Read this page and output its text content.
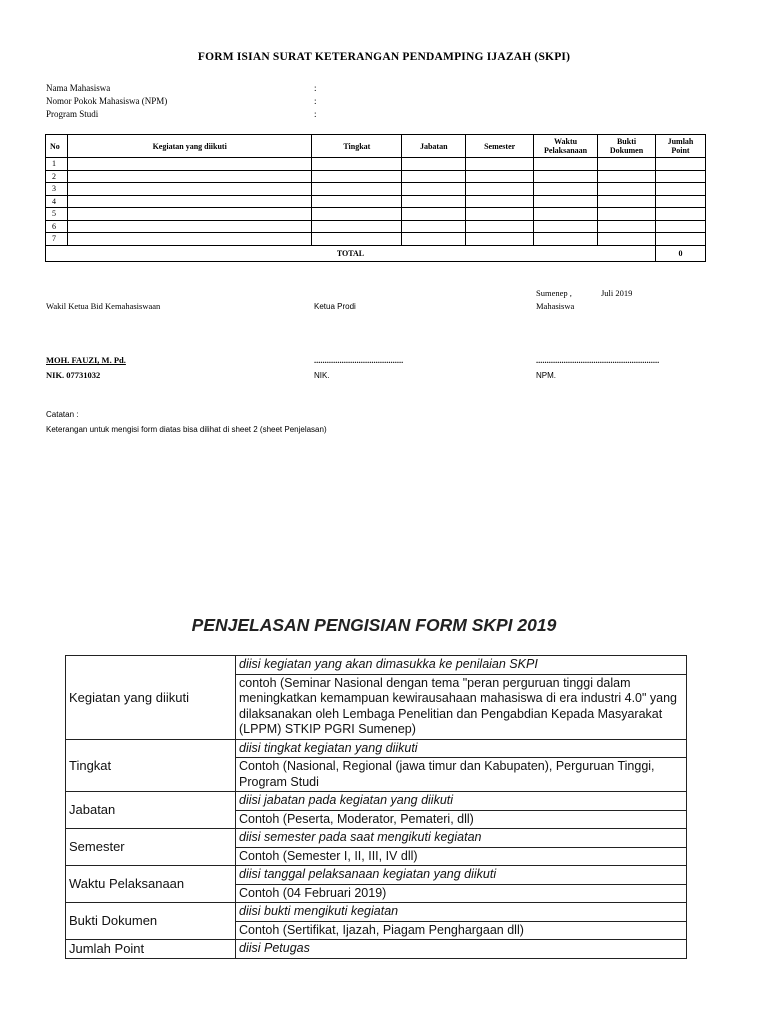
FORM ISIAN SURAT KETERANGAN PENDAMPING IJAZAH (SKPI)
Nama Mahasiswa	:
Nomor Pokok Mahasiswa (NPM)	:
Program Studi	:
No	Kegiatan yang diikuti	Tingkat	Jabatan	Semester	Waktu Pelaksanaan	Bukti Dokumen	Jumlah Point
1							
2							
3							
4							
5							
6							
7							
TOTAL							0
Sumenep ,	Juli 2019
Wakil Ketua Bid Kemahasiswaan	Ketua Prodi	Mahasiswa
MOH. FAUZI, M. Pd.	..........................................	..........................................................
NIK. 07731032	NIK.	NPM.
Catatan :
Keterangan untuk mengisi form diatas bisa dilihat di sheet 2 (sheet Penjelasan)
PENJELASAN PENGISIAN FORM SKPI 2019
Kegiatan yang diikuti	diisi kegiatan yang akan dimasukka ke penilaian SKPI
	contoh (Seminar Nasional dengan tema "peran perguruan tinggi dalam meningkatkan kemampuan kewirausahaan mahasiswa di era industri 4.0" yang dilaksanakan oleh Lembaga Penelitian dan Pengabdian Kepada Masyarakat (LPPM) STKIP PGRI Sumenep)
Tingkat	diisi tingkat kegiatan yang diikuti
	Contoh (Nasional, Regional (jawa timur dan Kabupaten), Perguruan Tinggi, Program Studi
Jabatan	diisi jabatan pada kegiatan yang diikuti
	Contoh (Peserta, Moderator, Pemateri, dll)
Semester	diisi semester pada saat mengikuti kegiatan
	Contoh (Semester I, II, III, IV dll)
Waktu Pelaksanaan	diisi tanggal pelaksanaan kegiatan yang diikuti
	Contoh (04 Februari 2019)
Bukti Dokumen	diisi bukti mengikuti kegiatan
	Contoh (Sertifikat, Ijazah, Piagam Penghargaan dll)
Jumlah Point	diisi Petugas
